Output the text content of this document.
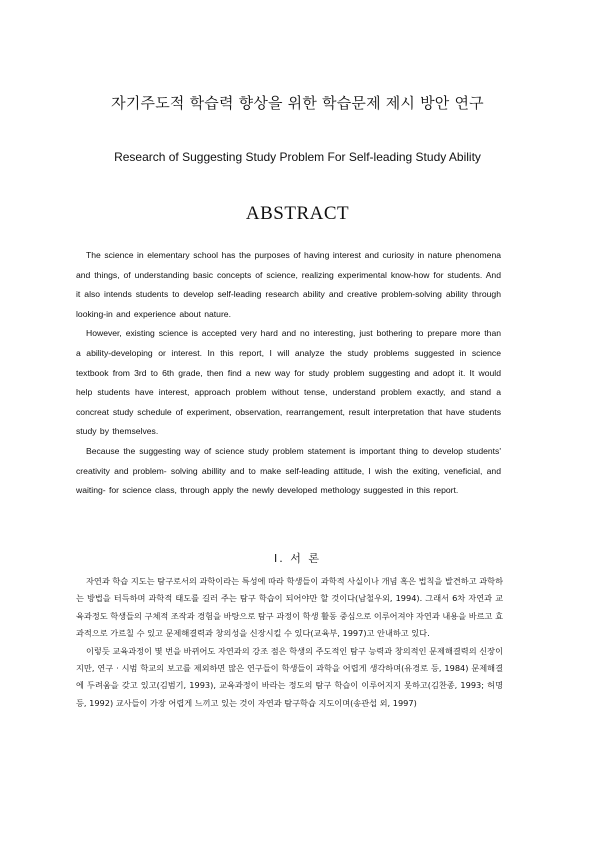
자기주도적 학습력 향상을 위한 학습문제 제시 방안 연구
Research of Suggesting Study Problem For Self-leading Study Ability
ABSTRACT

The science in elementary school has the purposes of having interest and curiosity in nature phenomena and things, of understanding basic concepts of science, realizing experimental know-how for students. And it also intends students to develop self-leading research ability and creative problem-solving ability through looking-in and experience about nature.

However, existing science is accepted very hard and no interesting, just bothering to prepare more than a ability-developing or interest. In this report, I will analyze the study problems suggested in science textbook from 3rd to 6th grade, then find a new way for study problem suggesting and adopt it. It would help students have interest, approach problem without tense, understand problem exactly, and stand a concreat study schedule of experiment, observation, rearrangement, result interpretation that have students study by themselves.

Because the suggesting way of science study problem statement is important thing to develop students' creativity and problem- solving abillity and to make self-leading attitude, I wish the exiting, veneficial, and waiting- for science class, through apply the newly developed methology suggested in this report.

Ⅰ. 서 론

자연과 학습 지도는 탐구로서의 과학이라는 특성에 따라 학생들이 과학적 사실이나 개념 혹은 법칙을 발견하고 과학하는 방법을 터득하며 과학적 태도를 길러 주는 탐구 학습이 되어야만 할 것이다(남철우외, 1994). 그래서 6차 자연과 교육과정도 학생들의 구체적 조작과 경험을 바탕으로 탐구 과정이 학생 활동 중심으로 이루어져야 자연과 내용을 바르고 효과적으로 가르칠 수 있고 문제해결력과 창의성을 신장시킬 수 있다(교육부, 1997)고 안내하고 있다.

이렇듯 교육과정이 몇 번을 바뀌어도 자연과의 강조 점은 학생의 주도적인 탐구 능력과 창의적인 문제해결력의 신장이지만, 연구 · 시범 학교의 보고를 제외하면 많은 연구들이 학생들이 과학을 어렵게 생각하며(유경로 등, 1984) 문제해결에 두려움을 갖고 있고(김범기, 1993), 교육과정이 바라는 정도의 탐구 학습이 이루어지지 못하고(김찬종, 1993; 허명 등, 1992) 교사들이 가장 어렵게 느끼고 있는 것이 자연과 탐구학습 지도이며(송관섭 외, 1997)
